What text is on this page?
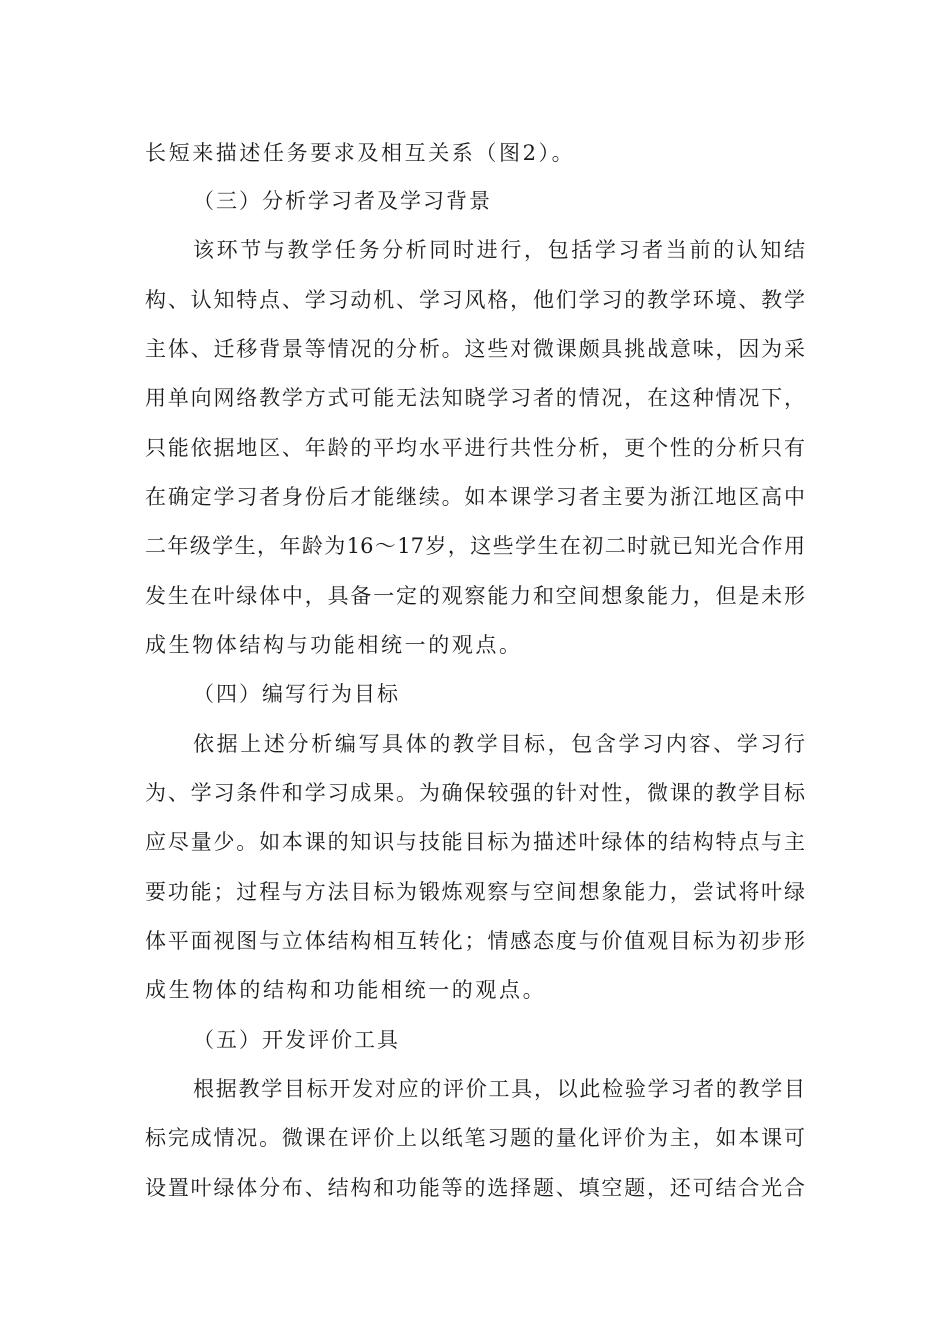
长短来描述任务要求及相互关系（图2）。
（三）分析学习者及学习背景
该环节与教学任务分析同时进行，包括学习者当前的认知结
构、认知特点、学习动机、学习风格，他们学习的教学环境、教学
主体、迁移背景等情况的分析。这些对微课颇具挑战意味，因为采
用单向网络教学方式可能无法知晓学习者的情况，在这种情况下，
只能依据地区、年龄的平均水平进行共性分析，更个性的分析只有
在确定学习者身份后才能继续。如本课学习者主要为浙江地区高中
二年级学生，年龄为16～17岁，这些学生在初二时就已知光合作用
发生在叶绿体中，具备一定的观察能力和空间想象能力，但是未形
成生物体结构与功能相统一的观点。
（四）编写行为目标
依据上述分析编写具体的教学目标，包含学习内容、学习行
为、学习条件和学习成果。为确保较强的针对性，微课的教学目标
应尽量少。如本课的知识与技能目标为描述叶绿体的结构特点与主
要功能；过程与方法目标为锻炼观察与空间想象能力，尝试将叶绿
体平面视图与立体结构相互转化；情感态度与价值观目标为初步形
成生物体的结构和功能相统一的观点。
（五）开发评价工具
根据教学目标开发对应的评价工具，以此检验学习者的教学目
标完成情况。微课在评价上以纸笔习题的量化评价为主，如本课可
设置叶绿体分布、结构和功能等的选择题、填空题，还可结合光合
